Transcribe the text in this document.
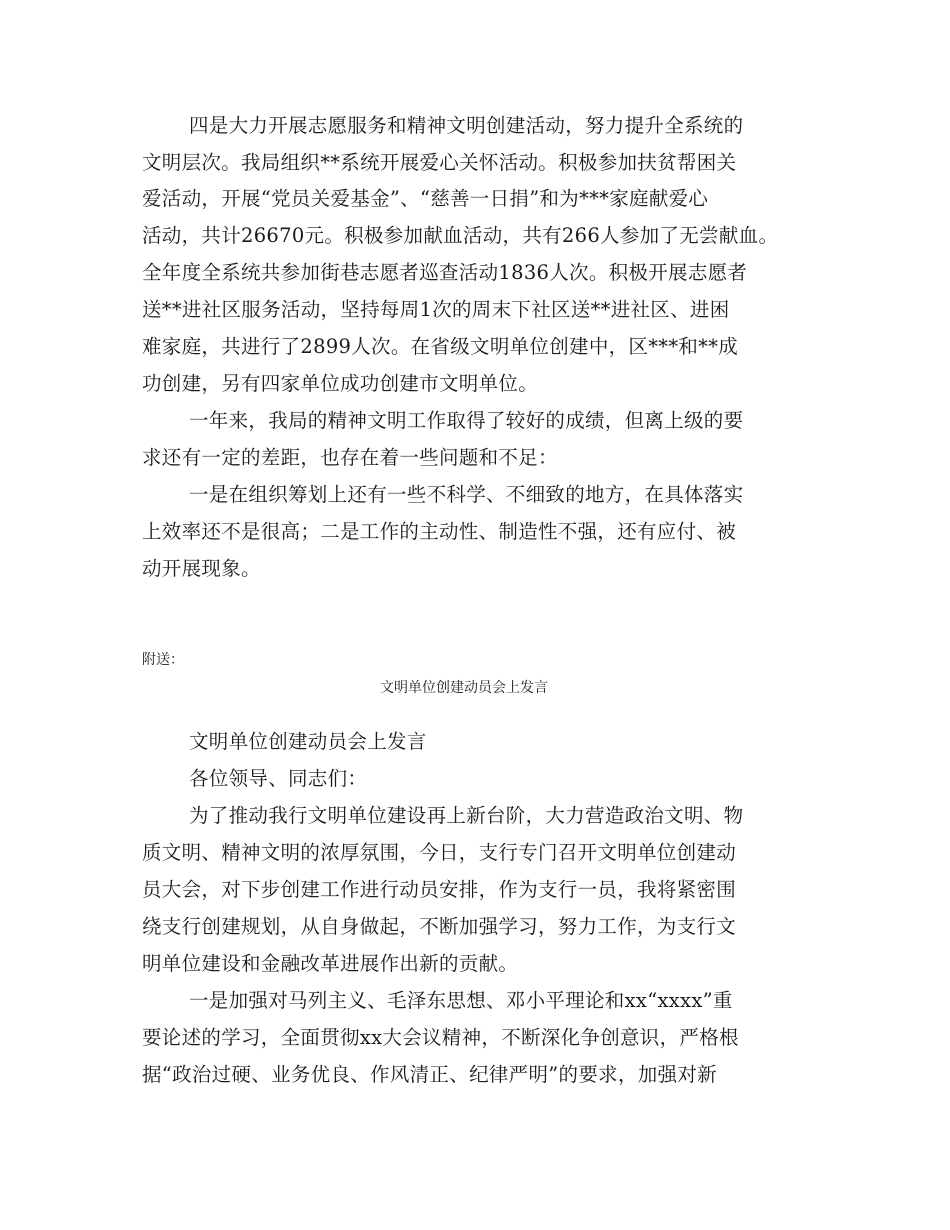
四是大力开展志愿服务和精神文明创建活动，努力提升全系统的
文明层次。我局组织**系统开展爱心关怀活动。积极参加扶贫帮困关
爱活动，开展“党员关爱基金”、“慈善一日捐”和为***家庭献爱心
活动，共计26670元。积极参加献血活动，共有266人参加了无尝献血。
全年度全系统共参加街巷志愿者巡查活动1836人次。积极开展志愿者
送**进社区服务活动，坚持每周1次的周末下社区送**进社区、进困
难家庭，共进行了2899人次。在省级文明单位创建中，区***和**成
功创建，另有四家单位成功创建市文明单位。
一年来，我局的精神文明工作取得了较好的成绩，但离上级的要
求还有一定的差距，也存在着一些问题和不足：
一是在组织筹划上还有一些不科学、不细致的地方，在具体落实
上效率还不是很高；二是工作的主动性、制造性不强，还有应付、被
动开展现象。
附送：
文明单位创建动员会上发言
文明单位创建动员会上发言
各位领导、同志们：
为了推动我行文明单位建设再上新台阶，大力营造政治文明、物
质文明、精神文明的浓厚氛围，今日，支行专门召开文明单位创建动
员大会，对下步创建工作进行动员安排，作为支行一员，我将紧密围
绕支行创建规划，从自身做起，不断加强学习，努力工作，为支行文
明单位建设和金融改革进展作出新的贡献。
一是加强对马列主义、毛泽东思想、邓小平理论和xx“xxxx”重
要论述的学习，全面贯彻xx大会议精神，不断深化争创意识，严格根
据“政治过硬、业务优良、作风清正、纪律严明”的要求，加强对新
